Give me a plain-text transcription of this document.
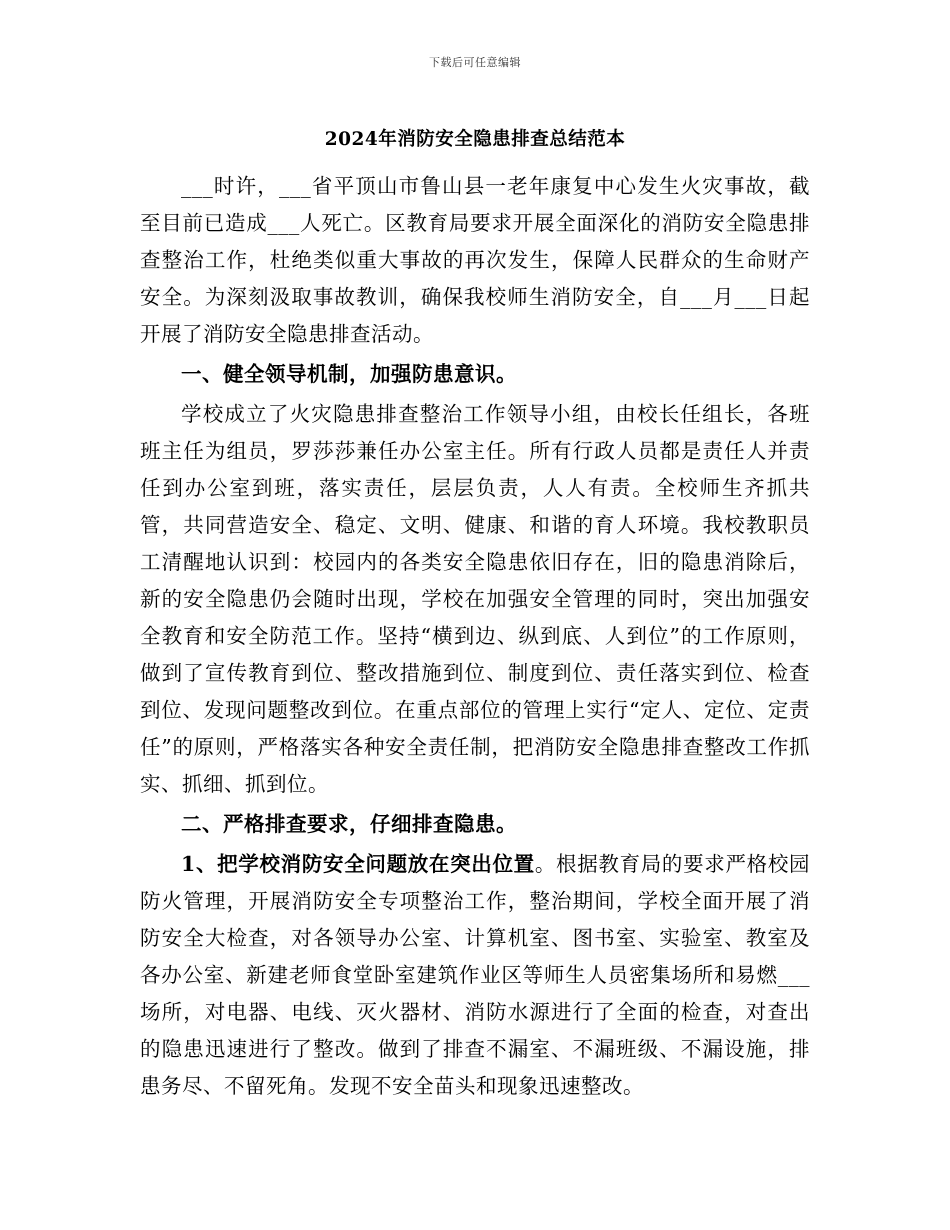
下载后可任意编辑
2024年消防安全隐患排查总结范本

___时许，___省平顶山市鲁山县一老年康复中心发生火灾事故，截至目前已造成___人死亡。区教育局要求开展全面深化的消防安全隐患排查整治工作，杜绝类似重大事故的再次发生，保障人民群众的生命财产安全。为深刻汲取事故教训，确保我校师生消防安全，自___月___日起开展了消防安全隐患排查活动。

一、健全领导机制，加强防患意识。

学校成立了火灾隐患排查整治工作领导小组，由校长任组长，各班班主任为组员，罗莎莎兼任办公室主任。所有行政人员都是责任人并责任到办公室到班，落实责任，层层负责，人人有责。全校师生齐抓共管，共同营造安全、稳定、文明、健康、和谐的育人环境。我校教职员工清醒地认识到：校园内的各类安全隐患依旧存在，旧的隐患消除后，新的安全隐患仍会随时出现，学校在加强安全管理的同时，突出加强安全教育和安全防范工作。坚持“横到边、纵到底、人到位”的工作原则，做到了宣传教育到位、整改措施到位、制度到位、责任落实到位、检查到位、发现问题整改到位。在重点部位的管理上实行“定人、定位、定责任”的原则，严格落实各种安全责任制，把消防安全隐患排查整改工作抓实、抓细、抓到位。

二、严格排查要求，仔细排查隐患。

1、把学校消防安全问题放在突出位置。根据教育局的要求严格校园防火管理，开展消防安全专项整治工作，整治期间，学校全面开展了消防安全大检查，对各领导办公室、计算机室、图书室、实验室、教室及各办公室、新建老师食堂卧室建筑作业区等师生人员密集场所和易燃___场所，对电器、电线、灭火器材、消防水源进行了全面的检查，对查出的隐患迅速进行了整改。做到了排查不漏室、不漏班级、不漏设施，排患务尽、不留死角。发现不安全苗头和现象迅速整改。
